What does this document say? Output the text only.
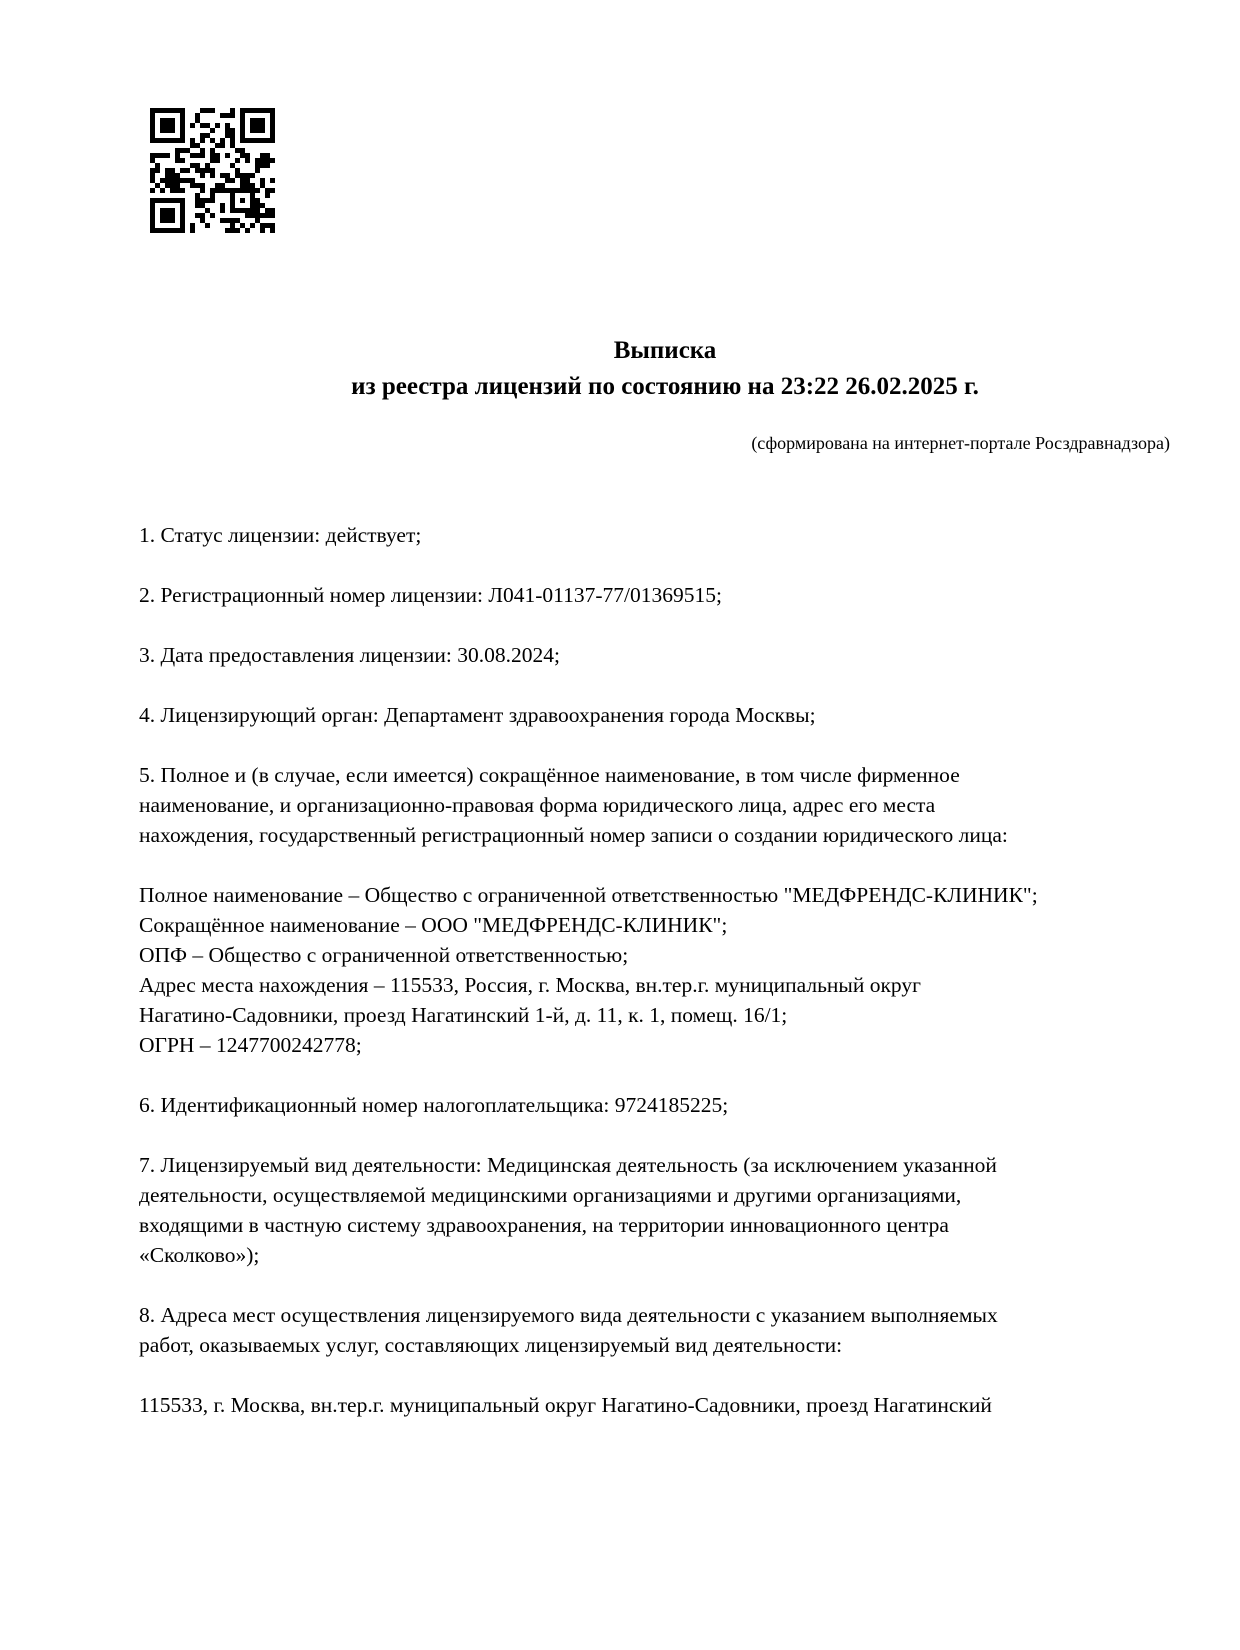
Выписка
из реестра лицензий по состоянию на 23:22 26.02.2025 г.
(сформирована на интернет-портале Росздравнадзора)
1. Статус лицензии: действует;
2. Регистрационный номер лицензии: Л041-01137-77/01369515;
3. Дата предоставления лицензии: 30.08.2024;
4. Лицензирующий орган: Департамент здравоохранения города Москвы;
5. Полное и (в случае, если имеется) сокращённое наименование, в том числе фирменное
наименование, и организационно-правовая форма юридического лица, адрес его места
нахождения, государственный регистрационный номер записи о создании юридического лица:
Полное наименование – Общество с ограниченной ответственностью "МЕДФРЕНДС-КЛИНИК";
Сокращённое наименование – ООО "МЕДФРЕНДС-КЛИНИК";
ОПФ – Общество с ограниченной ответственностью;
Адрес места нахождения – 115533, Россия, г. Москва, вн.тер.г. муниципальный округ
Нагатино-Садовники, проезд Нагатинский 1-й, д. 11, к. 1, помещ. 16/1;
ОГРН – 1247700242778;
6. Идентификационный номер налогоплательщика: 9724185225;
7. Лицензируемый вид деятельности: Медицинская деятельность (за исключением указанной
деятельности, осуществляемой медицинскими организациями и другими организациями,
входящими в частную систему здравоохранения, на территории инновационного центра
«Сколково»);
8. Адреса мест осуществления лицензируемого вида деятельности с указанием выполняемых
работ, оказываемых услуг, составляющих лицензируемый вид деятельности:
115533, г. Москва, вн.тер.г. муниципальный округ Нагатино-Садовники, проезд Нагатинский
